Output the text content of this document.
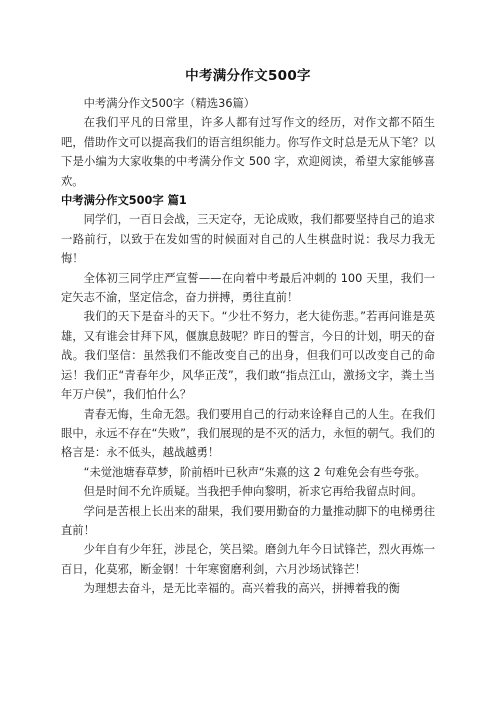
中考满分作文500字

中考满分作文500字（精选36篇）

在我们平凡的日常里，许多人都有过写作文的经历，对作文都不陌生吧，借助作文可以提高我们的语言组织能力。你写作文时总是无从下笔？以下是小编为大家收集的中考满分作文 500 字，欢迎阅读，希望大家能够喜欢。

中考满分作文500字 篇1

同学们，一百日会战，三天定夺，无论成败，我们都要坚持自己的追求一路前行，以致于在发如雪的时候面对自己的人生棋盘时说：我尽力我无悔！

全体初三同学庄严宣誓——在向着中考最后冲刺的 100 天里，我们一定矢志不渝，坚定信念，奋力拼搏，勇往直前！

我们的天下是奋斗的天下。“少壮不努力，老大徒伤悲。”若再问谁是英雄，又有谁会甘拜下风，偃旗息鼓呢？昨日的誓言，今日的计划，明天的奋战。我们坚信：虽然我们不能改变自己的出身，但我们可以改变自己的命运！我们正“青春年少，风华正茂”，我们敢“指点江山，激扬文字，粪土当年万户侯”，我们怕什么？

青春无悔，生命无怨。我们要用自己的行动来诠释自己的人生。在我们眼中，永远不存在“失败”，我们展现的是不灭的活力，永恒的朝气。我们的格言是：永不低头，越战越勇！

“未觉池塘春草梦，阶前梧叶已秋声“朱熹的这 2 句难免会有些夸张。

但是时间不允许质疑。当我把手伸向黎明，祈求它再给我留点时间。

学问是苦根上长出来的甜果，我们要用勤奋的力量推动脚下的电梯勇往直前！

少年自有少年狂，涉昆仑，笑吕梁。磨剑九年今日试锋芒，烈火再炼一百日，化莫邪，断金钢！十年寒窗磨利剑，六月沙场试锋芒！

为理想去奋斗，是无比幸福的。高兴着我的高兴，拼搏着我的衡
